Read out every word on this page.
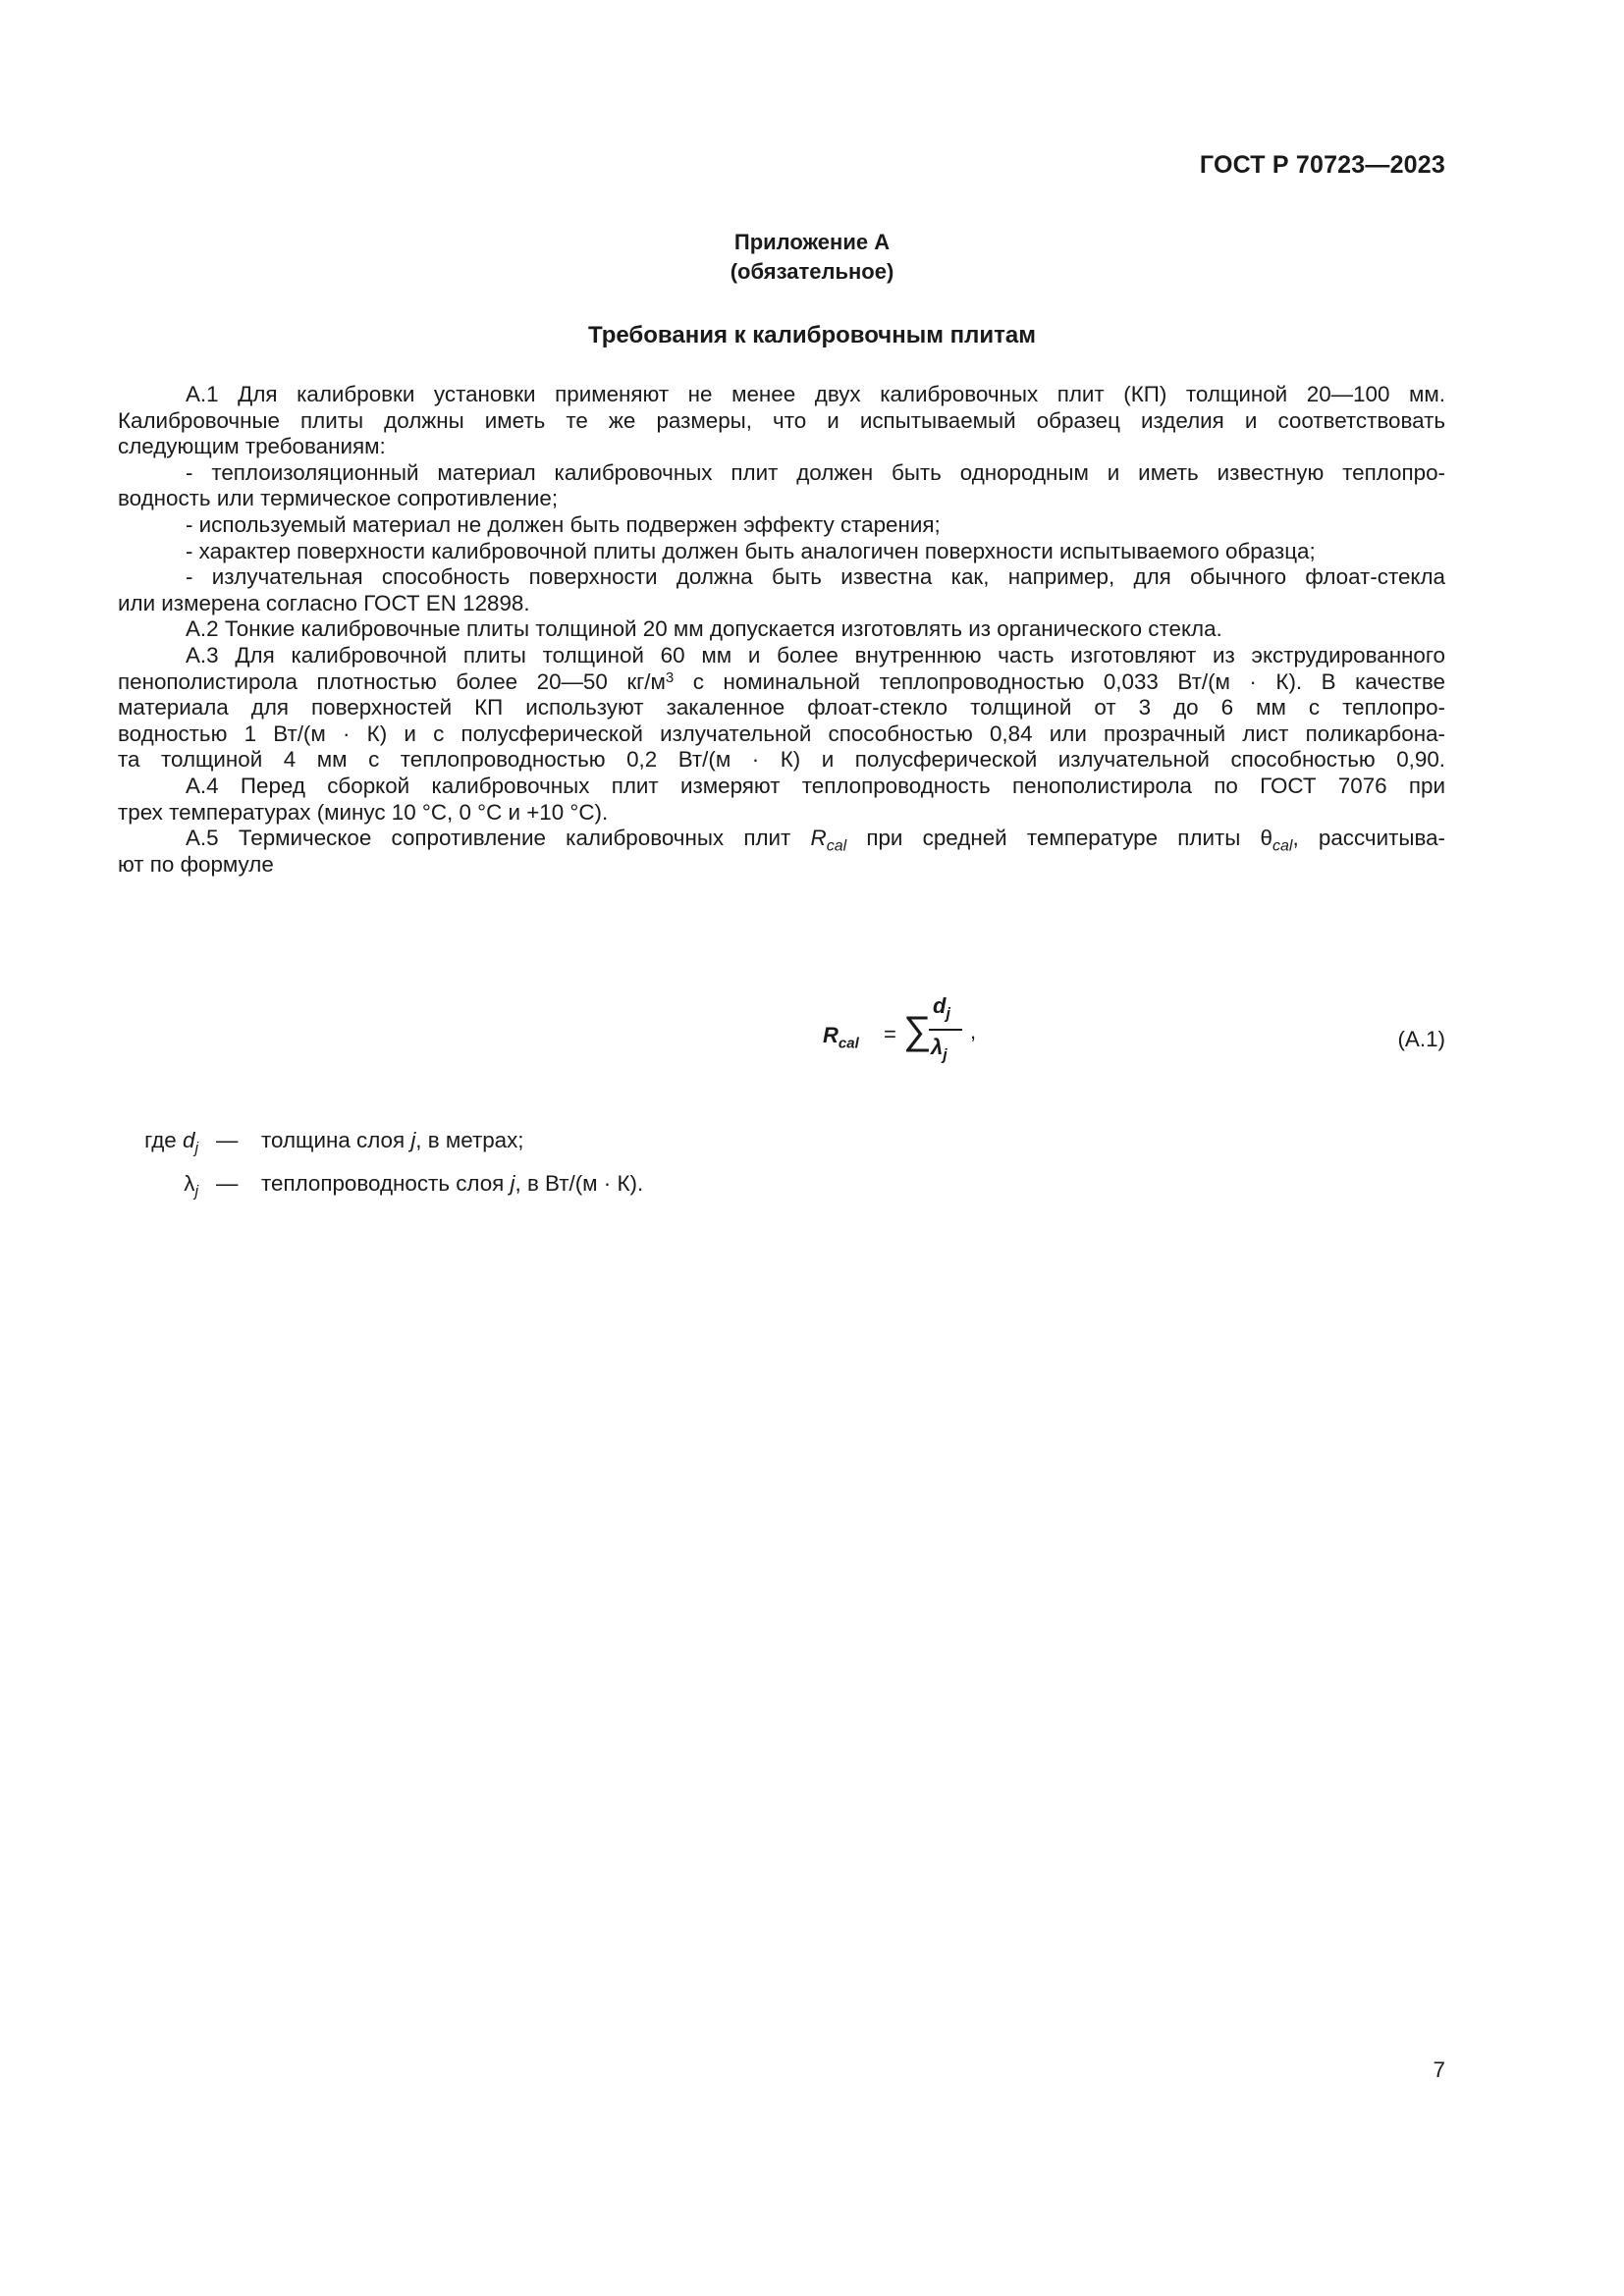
ГОСТ Р 70723—2023
Приложение А
(обязательное)
Требования к калибровочным плитам
А.1 Для калибровки установки применяют не менее двух калибровочных плит (КП) толщиной 20—100 мм.
Калибровочные плиты должны иметь те же размеры, что и испытываемый образец изделия и соответствовать
следующим требованиям:
- теплоизоляционный материал калибровочных плит должен быть однородным и иметь известную теплопро-
водность или термическое сопротивление;
- используемый материал не должен быть подвержен эффекту старения;
- характер поверхности калибровочной плиты должен быть аналогичен поверхности испытываемого образца;
- излучательная способность поверхности должна быть известна как, например, для обычного флоат-стекла
или измерена согласно ГОСТ EN 12898.
А.2 Тонкие калибровочные плиты толщиной 20 мм допускается изготовлять из органического стекла.
А.3 Для калибровочной плиты толщиной 60 мм и более внутреннюю часть изготовляют из экструдированного
пенополистирола плотностью более 20—50 $кг/м^3$ с номинальной теплопроводностью 0,033 Вт/(м · К). В качестве
материала для поверхностей КП используют закаленное флоат-стекло толщиной от 3 до 6 мм с теплопро-
водностью 1 Вт/(м · К) и с полусферической излучательной способностью 0,84 или прозрачный лист поликарбона-
та толщиной 4 мм с теплопроводностью 0,2 Вт/(м · К) и полусферической излучательной способностью 0,90.
А.4 Перед сборкой калибровочных плит измеряют теплопроводность пенополистирола по ГОСТ 7076 при
трех температурах (минус 10 °С, 0 °С и +10 °С).
А.5 Термическое сопротивление калибровочных плит $R_{cal}$ при средней температуре плиты $\theta_{cal}$, рассчитыва-
ют по формуле
$R_{cal}$ = ∑
$d_j$
$\lambda_j$
,	(А.1)
где $d_j$ — толщина слоя j, в метрах;
$\lambda_j$ — теплопроводность слоя j, в Вт/(м · К).
7
